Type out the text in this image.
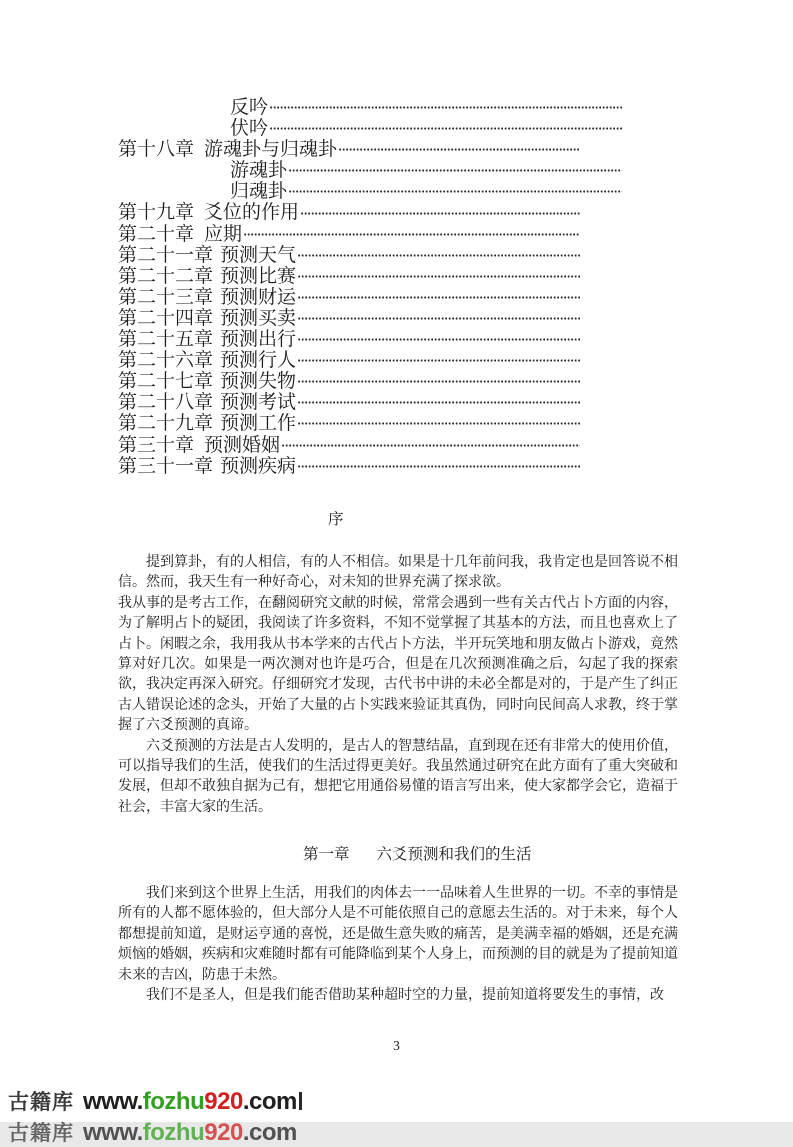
反吟
伏吟
第十八章 游魂卦与归魂卦
游魂卦
归魂卦
第十九章 爻位的作用
第二十章 应期
第二十一章 预测天气
第二十二章 预测比赛
第二十三章 预测财运
第二十四章 预测买卖
第二十五章 预测出行
第二十六章 预测行人
第二十七章 预测失物
第二十八章 预测考试
第二十九章 预测工作
第三十章 预测婚姻
第三十一章 预测疾病
序

提到算卦，有的人相信，有的人不相信。如果是十几年前问我，我肯定也是回答说不相信。然而，我天生有一种好奇心，对未知的世界充满了探求欲。

我从事的是考古工作，在翻阅研究文献的时候，常常会遇到一些有关古代占卜方面的内容，为了解明占卜的疑团，我阅读了许多资料，不知不觉掌握了其基本的方法，而且也喜欢上了占卜。闲暇之余，我用我从书本学来的古代占卜方法，半开玩笑地和朋友做占卜游戏，竟然算对好几次。如果是一两次测对也许是巧合，但是在几次预测准确之后，勾起了我的探索欲，我决定再深入研究。仔细研究才发现，古代书中讲的未必全都是对的，于是产生了纠正古人错误论述的念头，开始了大量的占卜实践来验证其真伪，同时向民间高人求教，终于掌握了六爻预测的真谛。

六爻预测的方法是古人发明的，是古人的智慧结晶，直到现在还有非常大的使用价值，可以指导我们的生活，使我们的生活过得更美好。我虽然通过研究在此方面有了重大突破和发展，但却不敢独自据为己有，想把它用通俗易懂的语言写出来，使大家都学会它，造福于社会，丰富大家的生活。

第一章 六爻预测和我们的生活

我们来到这个世界上生活，用我们的肉体去一一品味着人生世界的一切。不幸的事情是所有的人都不愿体验的，但大部分人是不可能依照自己的意愿去生活的。对于未来，每个人都想提前知道，是财运亨通的喜悦，还是做生意失败的痛苦，是美满幸福的婚姻，还是充满烦恼的婚姻，疾病和灾难随时都有可能降临到某个人身上，而预测的目的就是为了提前知道未来的吉凶，防患于未然。

我们不是圣人，但是我们能否借助某种超时空的力量，提前知道将要发生的事情，改

3
古籍库 www.fozhu920.com
古籍库 www.fozhu920.com
